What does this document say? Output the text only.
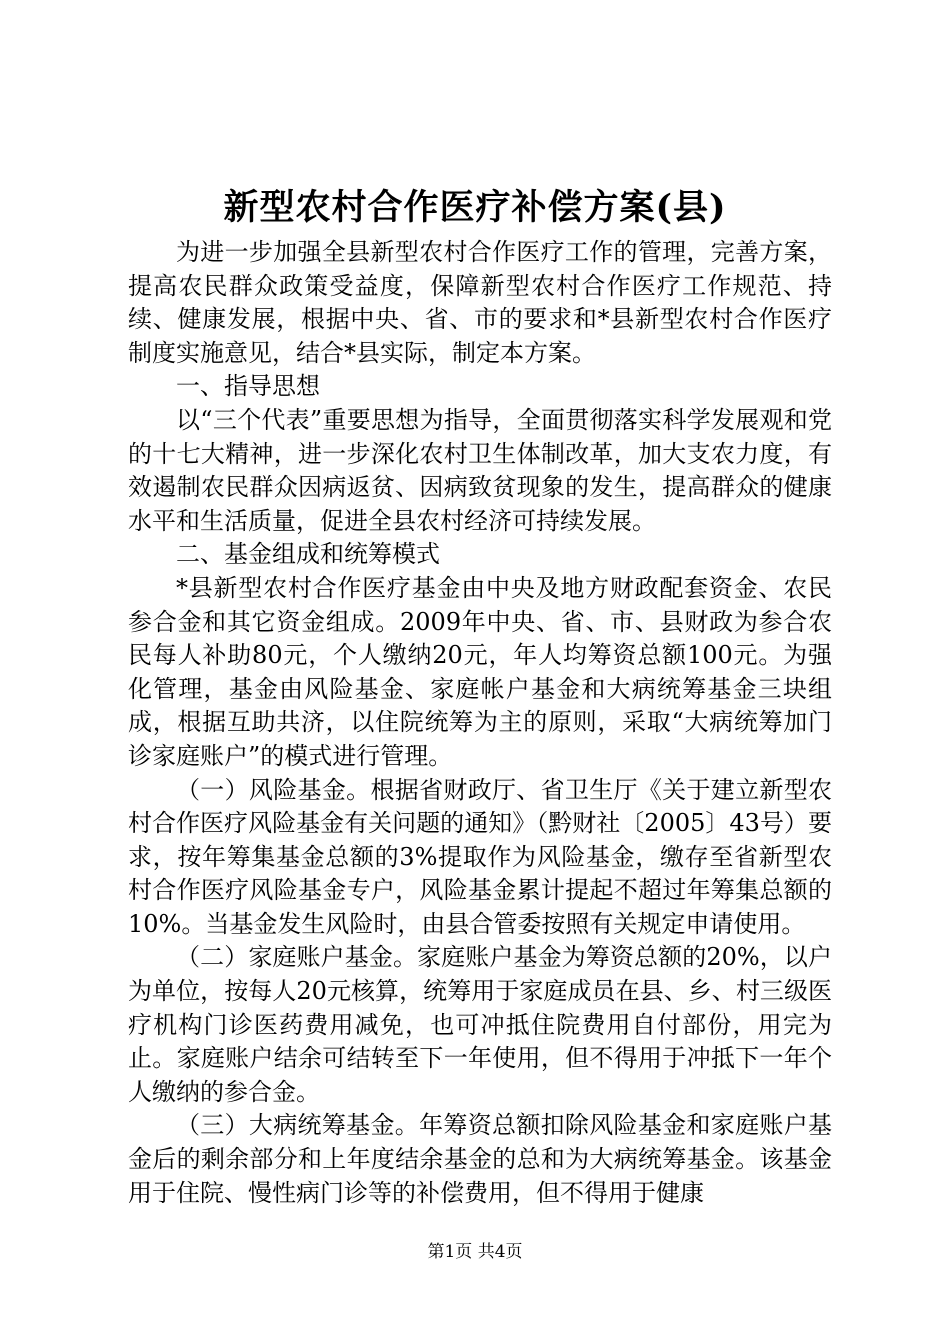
新型农村合作医疗补偿方案(县)

为进一步加强全县新型农村合作医疗工作的管理，完善方案，提高农民群众政策受益度，保障新型农村合作医疗工作规范、持续、健康发展，根据中央、省、市的要求和*县新型农村合作医疗制度实施意见，结合*县实际，制定本方案。

一、指导思想

以“三个代表”重要思想为指导，全面贯彻落实科学发展观和党的十七大精神，进一步深化农村卫生体制改革，加大支农力度，有效遏制农民群众因病返贫、因病致贫现象的发生，提高群众的健康水平和生活质量，促进全县农村经济可持续发展。

二、基金组成和统筹模式

*县新型农村合作医疗基金由中央及地方财政配套资金、农民参合金和其它资金组成。2009年中央、省、市、县财政为参合农民每人补助80元，个人缴纳20元，年人均筹资总额100元。为强化管理，基金由风险基金、家庭帐户基金和大病统筹基金三块组成，根据互助共济，以住院统筹为主的原则，采取“大病统筹加门诊家庭账户”的模式进行管理。

（一）风险基金。根据省财政厅、省卫生厅《关于建立新型农村合作医疗风险基金有关问题的通知》（黔财社〔2005〕43号）要求，按年筹集基金总额的3%提取作为风险基金，缴存至省新型农村合作医疗风险基金专户，风险基金累计提起不超过年筹集总额的10%。当基金发生风险时，由县合管委按照有关规定申请使用。

（二）家庭账户基金。家庭账户基金为筹资总额的20%，以户为单位，按每人20元核算，统筹用于家庭成员在县、乡、村三级医疗机构门诊医药费用减免，也可冲抵住院费用自付部份，用完为止。家庭账户结余可结转至下一年使用，但不得用于冲抵下一年个人缴纳的参合金。

（三）大病统筹基金。年筹资总额扣除风险基金和家庭账户基金后的剩余部分和上年度结余基金的总和为大病统筹基金。该基金用于住院、慢性病门诊等的补偿费用，但不得用于健康

第1页 共4页
